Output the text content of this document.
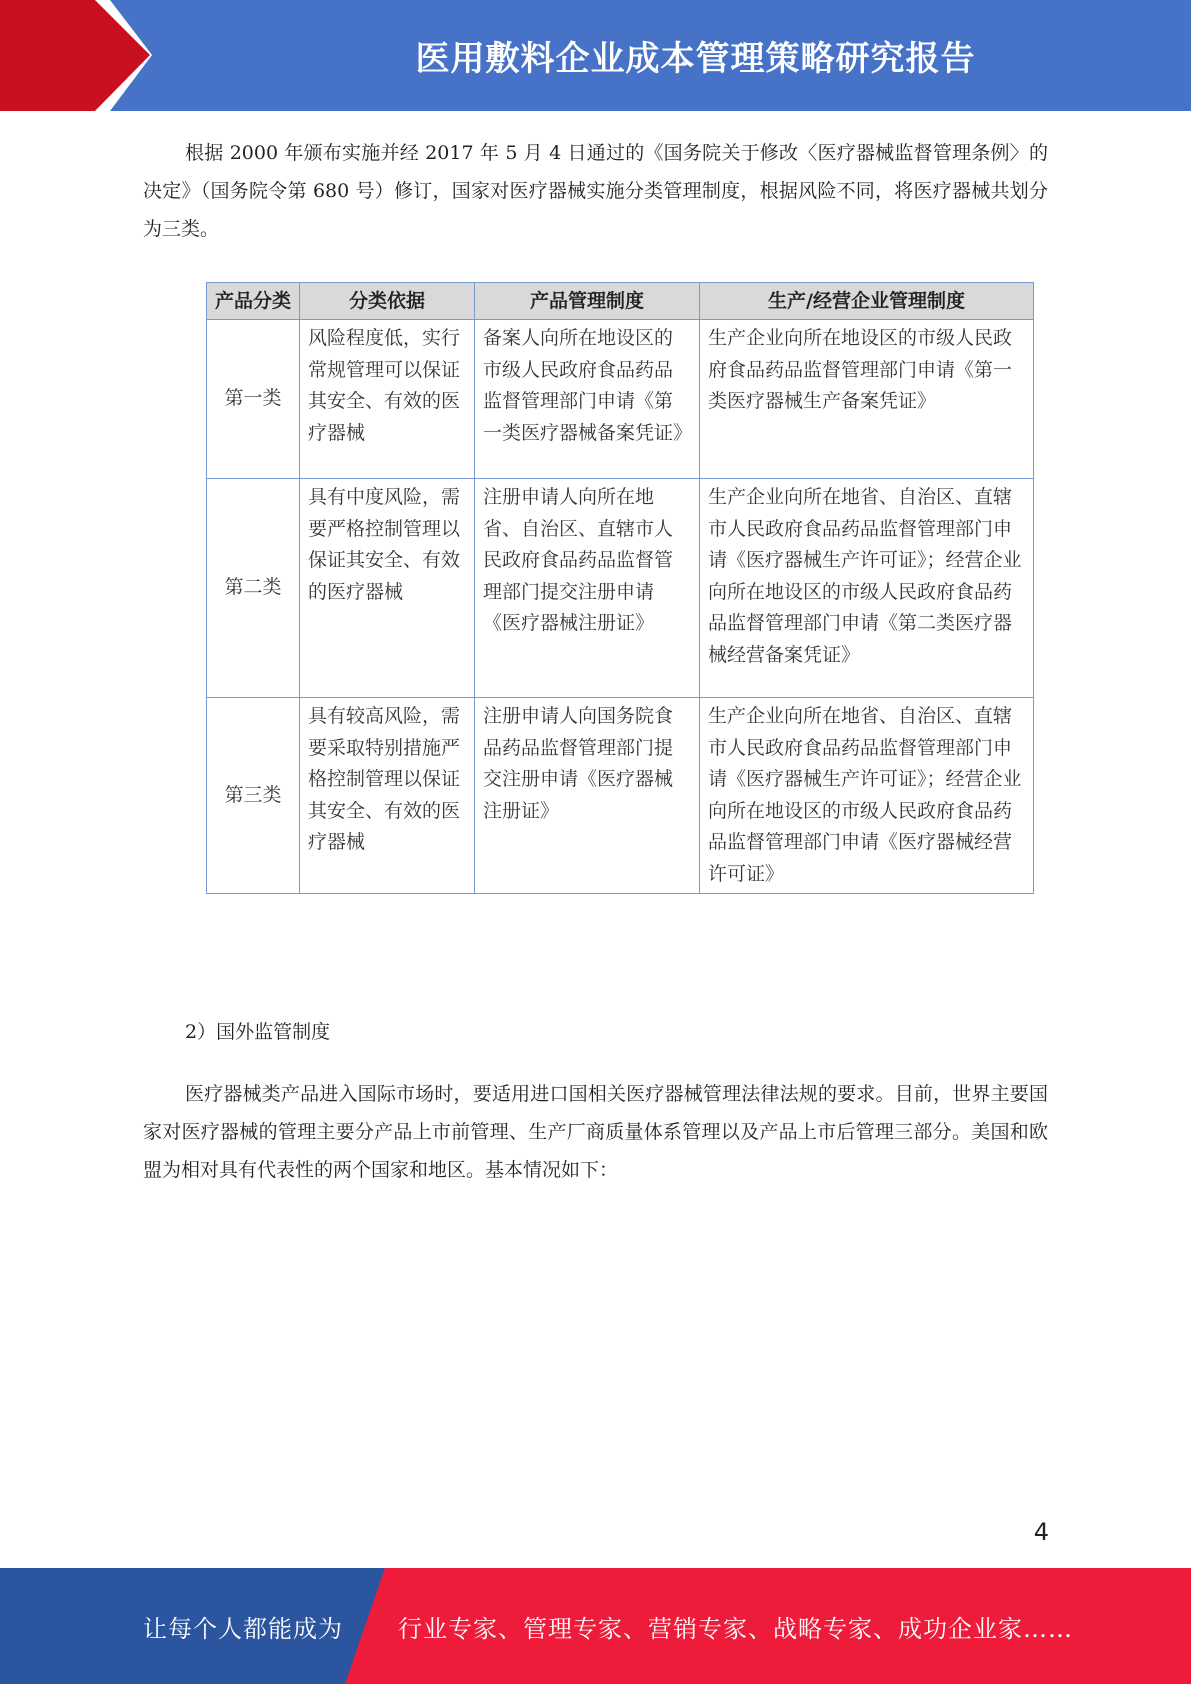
医用敷料企业成本管理策略研究报告

根据 2000 年颁布实施并经 2017 年 5 月 4 日通过的《国务院关于修改〈医疗器械监督管理条例〉的决定》（国务院令第 680 号）修订，国家对医疗器械实施分类管理制度，根据风险不同，将医疗器械共划分为三类。

产品分类	分类依据	产品管理制度	生产/经营企业管理制度
第一类	风险程度低，实行常规管理可以保证其安全、有效的医疗器械	备案人向所在地设区的市级人民政府食品药品监督管理部门申请《第一类医疗器械备案凭证》	生产企业向所在地设区的市级人民政府食品药品监督管理部门申请《第一类医疗器械生产备案凭证》
第二类	具有中度风险，需要严格控制管理以保证其安全、有效的医疗器械	注册申请人向所在地省、自治区、直辖市人民政府食品药品监督管理部门提交注册申请《医疗器械注册证》	生产企业向所在地省、自治区、直辖市人民政府食品药品监督管理部门申请《医疗器械生产许可证》；经营企业向所在地设区的市级人民政府食品药品监督管理部门申请《第二类医疗器械经营备案凭证》
第三类	具有较高风险，需要采取特别措施严格控制管理以保证其安全、有效的医疗器械	注册申请人向国务院食品药品监督管理部门提交注册申请《医疗器械注册证》	生产企业向所在地省、自治区、直辖市人民政府食品药品监督管理部门申请《医疗器械生产许可证》；经营企业向所在地设区的市级人民政府食品药品监督管理部门申请《医疗器械经营许可证》

2）国外监管制度

医疗器械类产品进入国际市场时，要适用进口国相关医疗器械管理法律法规的要求。目前，世界主要国家对医疗器械的管理主要分产品上市前管理、生产厂商质量体系管理以及产品上市后管理三部分。美国和欧盟为相对具有代表性的两个国家和地区。基本情况如下：

4
让每个人都能成为 行业专家、管理专家、营销专家、战略专家、成功企业家……
